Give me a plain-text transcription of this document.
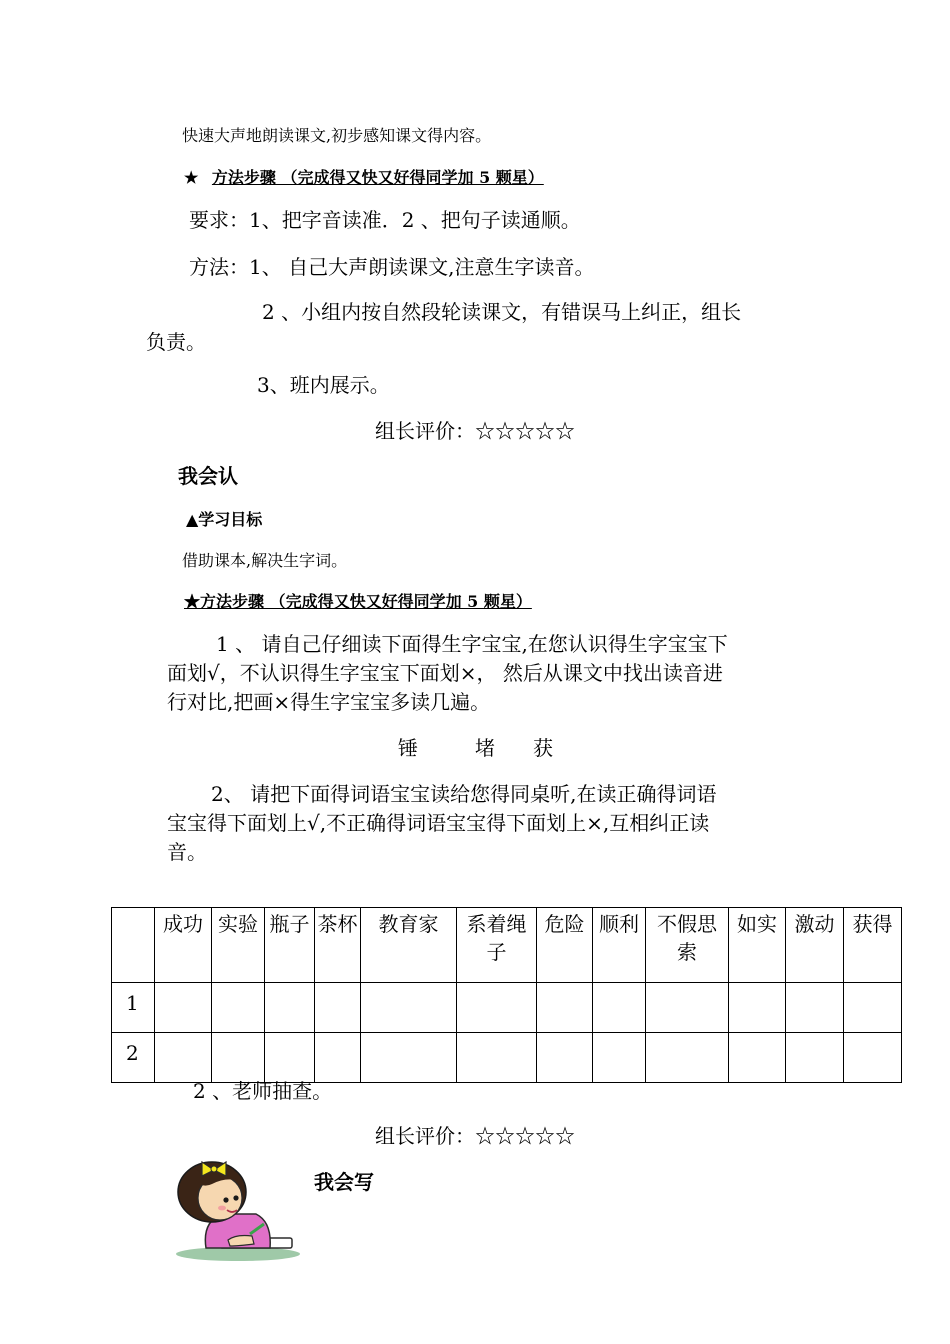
快速大声地朗读课文,初步感知课文得内容。
★ 方法步骤 （完成得又快又好得同学加 5 颗星）
要求：1、把字音读准．2 、把句子读通顺。
方法：1、 自己大声朗读课文,注意生字读音。
2 、小组内按自然段轮读课文，有错误马上纠正，组长
负责。
3、班内展示。
组长评价：☆☆☆☆☆
我会认
▲学习目标
借助课本,解决生字词。
★方法步骤 （完成得又快又好得同学加 5 颗星）
1 、 请自己仔细读下面得生字宝宝,在您认识得生字宝宝下
面划√，不认识得生字宝宝下面划×， 然后从课文中找出读音进
行对比,把画×得生字宝宝多读几遍。
锤	堵 获
2、 请把下面得词语宝宝读给您得同桌听,在读正确得词语
宝宝得下面划上√,不正确得词语宝宝得下面划上×,互相纠正读
音。
	成功	实验	瓶子	茶杯	教育家	系着绳子	危险	顺利	不假思索	如实	激动	获得
1												
2												
2 、老师抽查。
组长评价：☆☆☆☆☆
我会写
